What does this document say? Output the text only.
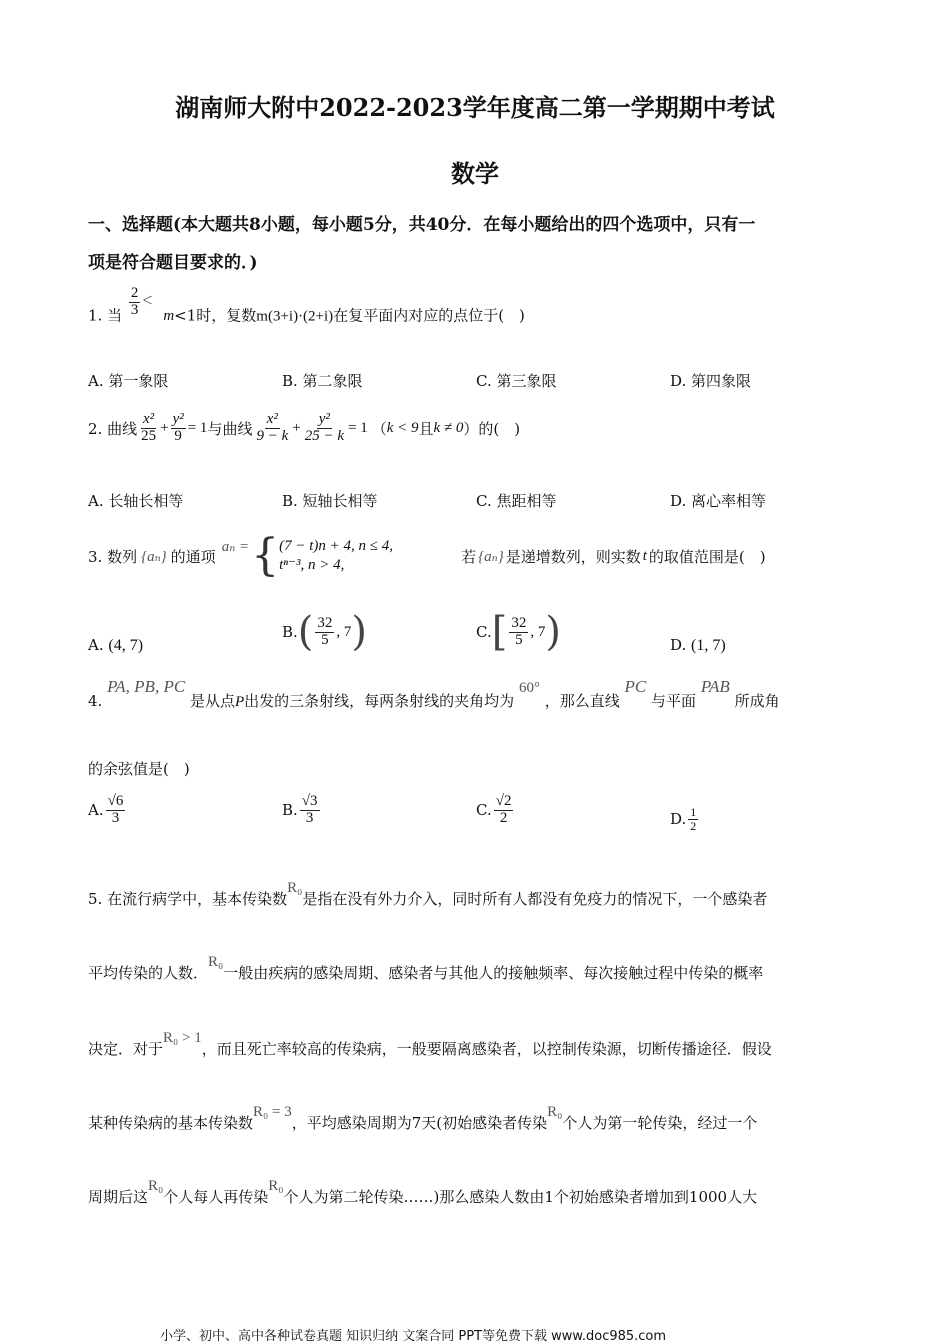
湖南师大附中2022-2023学年度高二第一学期期中考试
数学
一、选择题(本大题共8小题，每小题5分，共40分．在每小题给出的四个选项中，只有一
项是符合题目要求的．)
1. 当 $\frac{2}{3} < m<1$时，复数m(3+i)·(2+i)在复平面内对应的点位于(　)
A. 第一象限	B. 第二象限	C. 第三象限	D. 第四象限
2. 曲线 $\frac{\text{x²}}{25} + \frac{\text{y²}}{9} = 1$ 与曲线 $\frac{\text{x²}}{9 - k} + \frac{\text{y²}}{25 - k} = 1$ （ k < 9 且 k ≠ 0 ）的(　)
A. 长轴长相等	B. 短轴长相等	C. 焦距相等	D. 离心率相等
3. 数列 {aₙ} 的通项
aₙ = { (7 − t)n + 4, n ≤ 4,
tⁿ⁻³, n > 4,	若 {aₙ} 是递增数列，则实数 t 的取值范围是(　)
A. (4, 7)
B. ( $\frac{32}{5}$ , 7 )	C. [ $\frac{32}{5}$ , 7 )	D. (1, 7)
4. PA, PB, PC 是从点P出发的三条射线，每两条射线的夹角均为 60° ，那么直线 PC 与平面 PAB 所成角
的余弦值是(　)
A. $\frac{√6}{3}$	B. $\frac{√3}{3}$	C. $\frac{√2}{2}$	D. $\frac{1}{2}$
5. 在流行病学中，基本传染数R₀是指在没有外力介入，同时所有人都没有免疫力的情况下，一个感染者
平均传染的人数．R₀一般由疾病的感染周期、感染者与其他人的接触频率、每次接触过程中传染的概率
决定．对于R₀ > 1，而且死亡率较高的传染病，一般要隔离感染者，以控制传染源，切断传播途径．假设
某种传染病的基本传染数R₀ = 3，平均感染周期为7天(初始感染者传染R₀个人为第一轮传染，经过一个
周期后这R₀个人每人再传染R₀个人为第二轮传染……)那么感染人数由1个初始感染者增加到1000人大
小学、初中、高中各种试卷真题 知识归纳 文案合同 PPT等免费下载 www.doc985.com
